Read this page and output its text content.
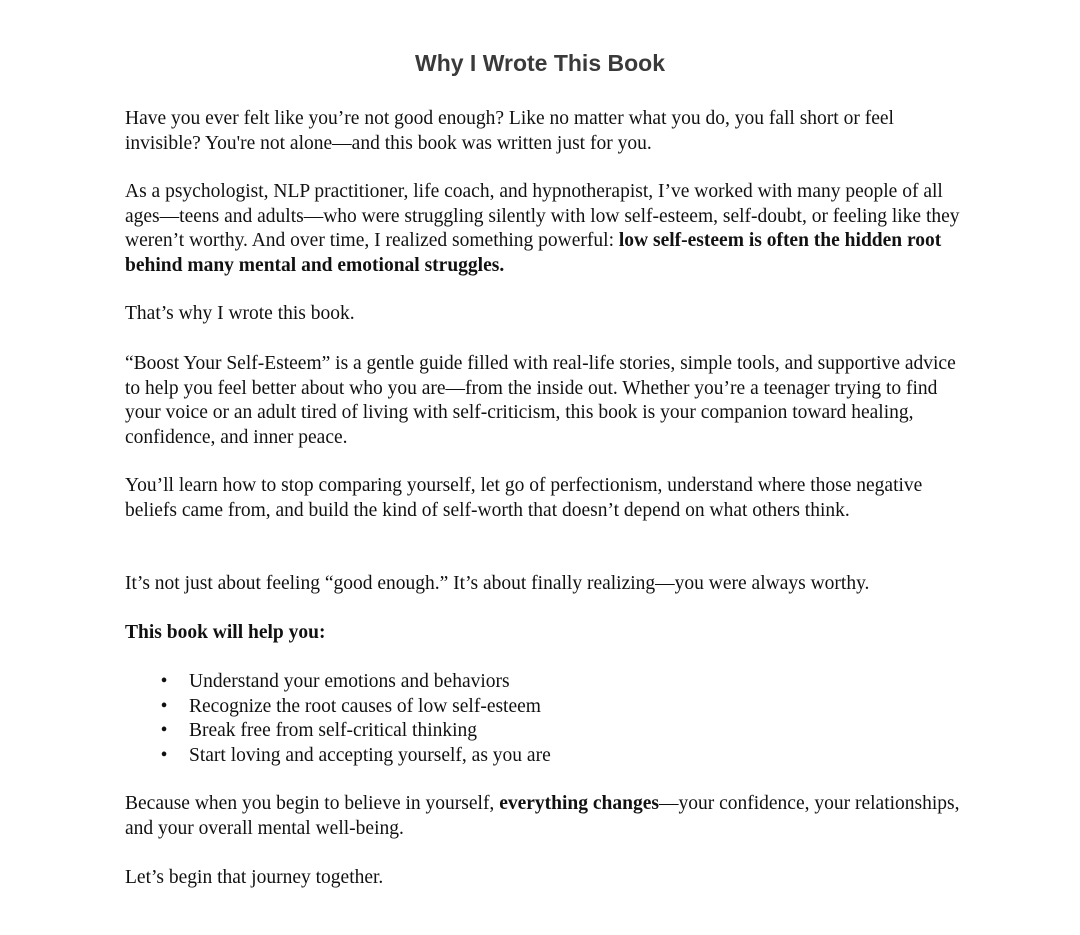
Why I Wrote This Book

Have you ever felt like you’re not good enough? Like no matter what you do, you fall short or feel invisible? You're not alone—and this book was written just for you.

As a psychologist, NLP practitioner, life coach, and hypnotherapist, I’ve worked with many people of all ages—teens and adults—who were struggling silently with low self-esteem, self-doubt, or feeling like they weren’t worthy. And over time, I realized something powerful: low self-esteem is often the hidden root behind many mental and emotional struggles.

That’s why I wrote this book.

“Boost Your Self-Esteem” is a gentle guide filled with real-life stories, simple tools, and supportive advice to help you feel better about who you are—from the inside out. Whether you’re a teenager trying to find your voice or an adult tired of living with self-criticism, this book is your companion toward healing, confidence, and inner peace.

You’ll learn how to stop comparing yourself, let go of perfectionism, understand where those negative beliefs came from, and build the kind of self-worth that doesn’t depend on what others think.

It’s not just about feeling “good enough.” It’s about finally realizing—you were always worthy.

This book will help you:

• Understand your emotions and behaviors
• Recognize the root causes of low self-esteem
• Break free from self-critical thinking
• Start loving and accepting yourself, as you are

Because when you begin to believe in yourself, everything changes—your confidence, your relationships, and your overall mental well-being.

Let’s begin that journey together.
